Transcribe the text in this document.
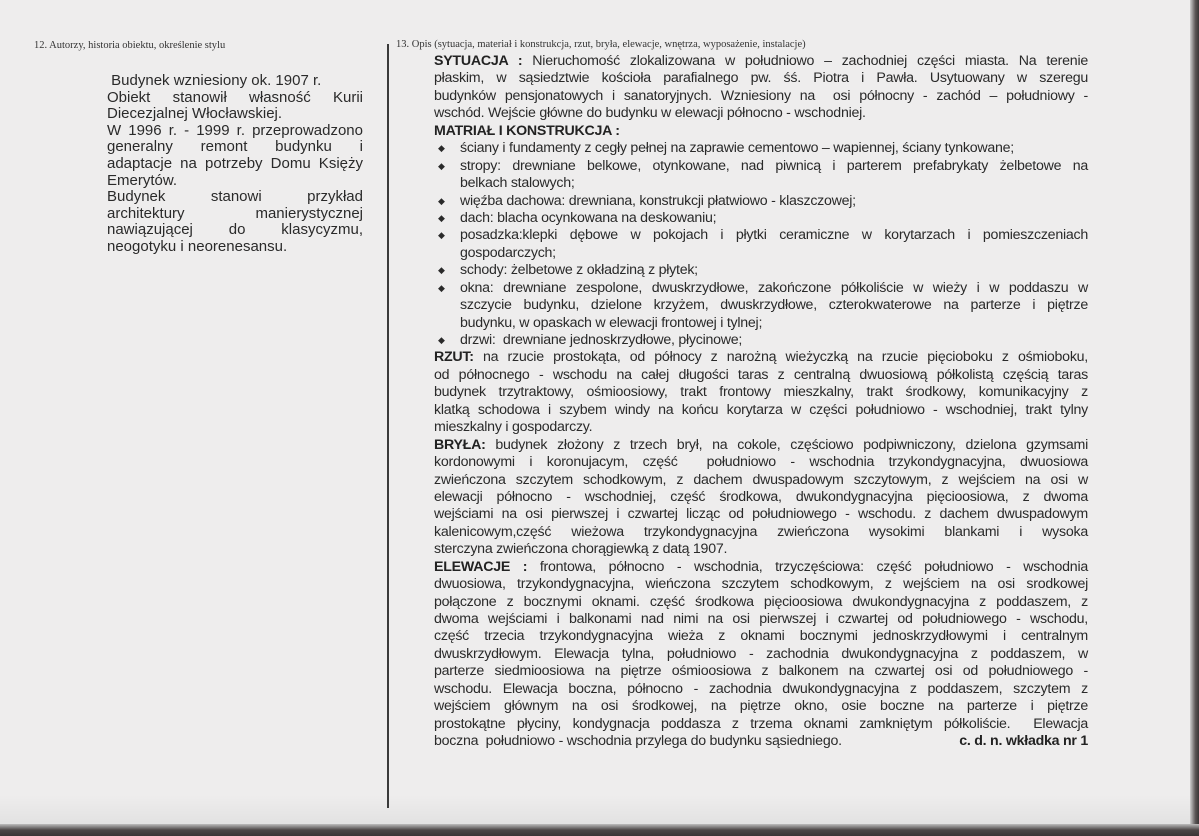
12. Autorzy, historia obiektu, określenie stylu
Budynek wzniesiony ok. 1907 r.
Obiekt stanowił własność Kurii
Diecezjalnej Włocławskiej.
W 1996 r. - 1999 r. przeprowadzono
generalny remont budynku i
adaptacje na potrzeby Domu Księży
Emerytów.
Budynek stanowi przykład
architektury manierystycznej
nawiązującej do klasycyzmu,
neogotyku i neorenesansu.
13. Opis (sytuacja, materiał i konstrukcja, rzut, bryła, elewacje, wnętrza, wyposażenie, instalacje)
SYTUACJA : Nieruchomość zlokalizowana w południowo – zachodniej części miasta. Na terenie
płaskim, w sąsiedztwie kościoła parafialnego pw. śś. Piotra i Pawła. Usytuowany w szeregu
budynków pensjonatowych i sanatoryjnych. Wzniesiony na  osi północny - zachód – południowy -
wschód. Wejście główne do budynku w elewacji północno - wschodniej.
MATRIAŁ I KONSTRUKCJA :
◆ ściany i fundamenty z cegły pełnej na zaprawie cementowo – wapiennej, ściany tynkowane;
◆ stropy: drewniane belkowe, otynkowane, nad piwnicą i parterem prefabrykaty żelbetowe na
belkach stalowych;
◆ więźba dachowa: drewniana, konstrukcji płatwiowo - klaszczowej;
◆ dach: blacha ocynkowana na deskowaniu;
◆ posadzka:klepki dębowe w pokojach i płytki ceramiczne w korytarzach i pomieszczeniach
gospodarczych;
◆ schody: żelbetowe z okładziną z płytek;
◆ okna: drewniane zespolone, dwuskrzydłowe, zakończone półkoliście w wieży i w poddaszu w
szczycie budynku, dzielone krzyżem, dwuskrzydłowe, czterokwaterowe na parterze i piętrze
budynku, w opaskach w elewacji frontowej i tylnej;
◆ drzwi:  drewniane jednoskrzydłowe, płycinowe;
RZUT: na rzucie prostokąta, od północy z narożną wieżyczką na rzucie pięcioboku z ośmioboku,
od północnego - wschodu na całej długości taras z centralną dwuosiową półkolistą częścią taras
budynek trzytraktowy, ośmioosiowy, trakt frontowy mieszkalny, trakt środkowy, komunikacyjny z
klatką schodowa i szybem windy na końcu korytarza w części południowo - wschodniej, trakt tylny
mieszkalny i gospodarczy.
BRYŁA: budynek złożony z trzech brył, na cokole, częściowo podpiwniczony, dzielona gzymsami
kordonowymi i koronujacym, część  południowo - wschodnia trzykondygnacyjna, dwuosiowa
zwieńczona szczytem schodkowym, z dachem dwuspadowym szczytowym, z wejściem na osi w
elewacji północno - wschodniej, część środkowa, dwukondygnacyjna pięcioosiowa, z dwoma
wejściami na osi pierwszej i czwartej licząc od południowego - wschodu. z dachem dwuspadowym
kalenicowym,część wieżowa trzykondygnacyjna zwieńczona wysokimi blankami i wysoka
sterczyna zwieńczona chorągiewką z datą 1907.
ELEWACJE : frontowa, północno - wschodnia, trzyczęściowa: część południowo - wschodnia
dwuosiowa, trzykondygnacyjna, wieńczona szczytem schodkowym, z wejściem na osi srodkowej
połączone z bocznymi oknami. część środkowa pięcioosiowa dwukondygnacyjna z poddaszem, z
dwoma wejściami i balkonami nad nimi na osi pierwszej i czwartej od południowego - wschodu,
część trzecia trzykondygnacyjna wieża z oknami bocznymi jednoskrzydłowymi i centralnym
dwuskrzydłowym. Elewacja tylna, południowo - zachodnia dwukondygnacyjna z poddaszem, w
parterze siedmioosiowa na piętrze ośmioosiowa z balkonem na czwartej osi od południowego -
wschodu. Elewacja boczna, północno - zachodnia dwukondygnacyjna z poddaszem, szczytem z
wejściem głównym na osi środkowej, na piętrze okno, osie boczne na parterze i piętrze
prostokątne płyciny, kondygnacja poddasza z trzema oknami zamkniętym półkoliście.  Elewacja
boczna  południowo - wschodnia przylega do budynku sąsiedniego.	c. d. n. wkładka nr 1
